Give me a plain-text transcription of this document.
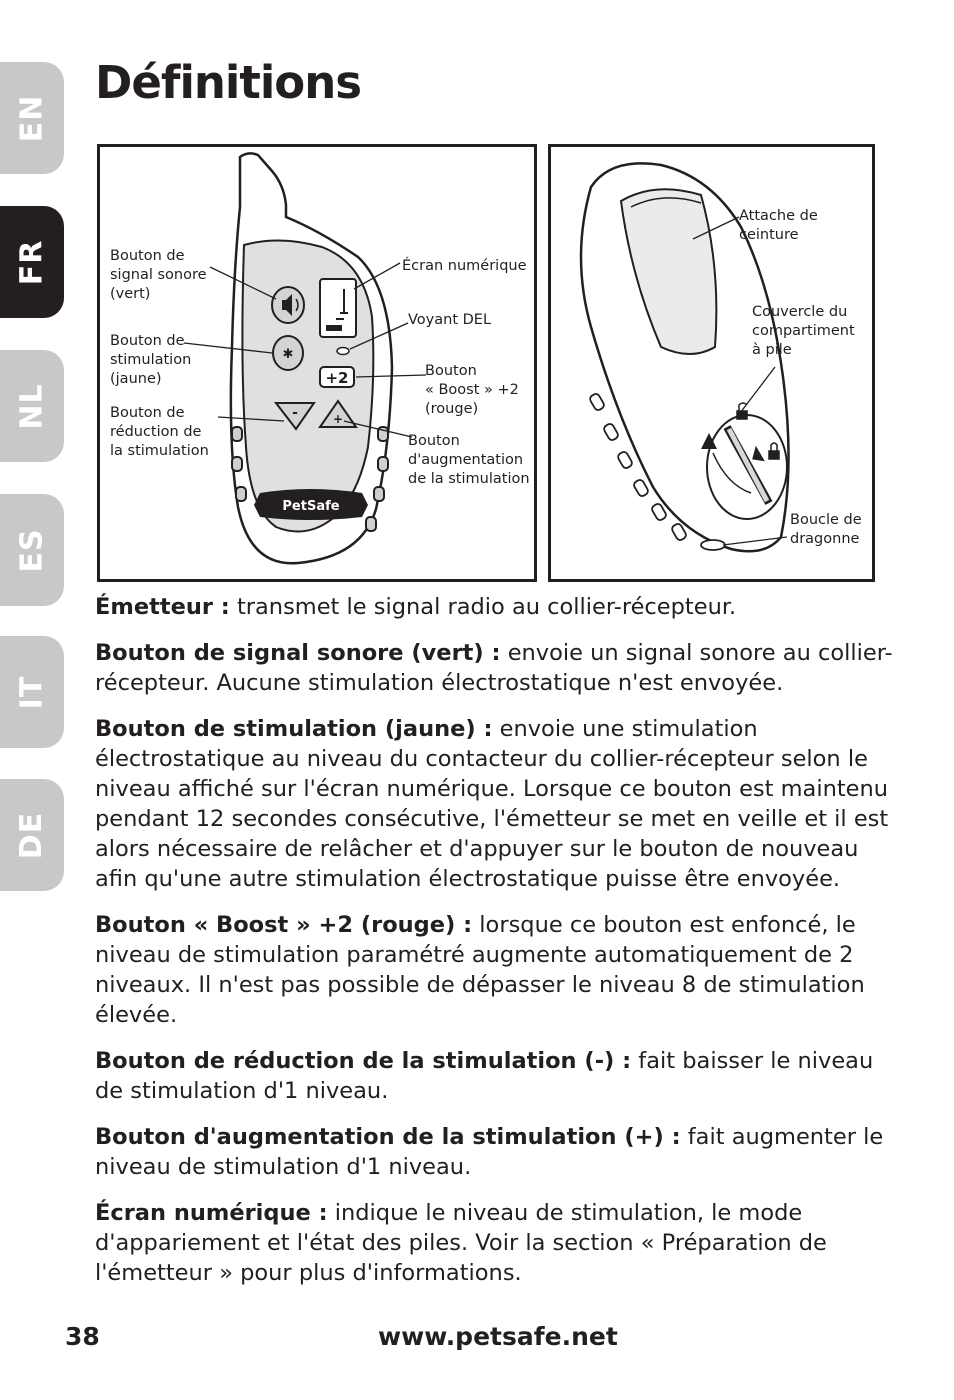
EN
FR
NL
ES
IT
DE
Définitions
✱
+2
-	+
PetSafe
Bouton de
signal sonore
(vert)
Bouton de
stimulation
(jaune)
Bouton de
réduction de
la stimulation
Écran numérique
Voyant DEL
Bouton
« Boost » +2
(rouge)
Bouton
d'augmentation
de la stimulation
Attache de
ceinture
Couvercle du
compartiment
à pile
Boucle de
dragonne

Émetteur : transmet le signal radio au collier-récepteur.

Bouton de signal sonore (vert) : envoie un signal sonore au collier-récepteur. Aucune stimulation électrostatique n'est envoyée.

Bouton de stimulation (jaune) : envoie une stimulation électrostatique au niveau du contacteur du collier-récepteur selon le niveau affiché sur l'écran numérique. Lorsque ce bouton est maintenu pendant 12 secondes consécutive, l'émetteur se met en veille et il est alors nécessaire de relâcher et d'appuyer sur le bouton de nouveau afin qu'une autre stimulation électrostatique puisse être envoyée.

Bouton « Boost » +2 (rouge) : lorsque ce bouton est enfoncé, le niveau de stimulation paramétré augmente automatiquement de 2 niveaux. Il n'est pas possible de dépasser le niveau 8 de stimulation élevée.

Bouton de réduction de la stimulation (-) : fait baisser le niveau de stimulation d'1 niveau.

Bouton d'augmentation de la stimulation (+) : fait augmenter le niveau de stimulation d'1 niveau.

Écran numérique : indique le niveau de stimulation, le mode d'appariement et l'état des piles. Voir la section « Préparation de l'émetteur » pour plus d'informations.

38	www.petsafe.net
